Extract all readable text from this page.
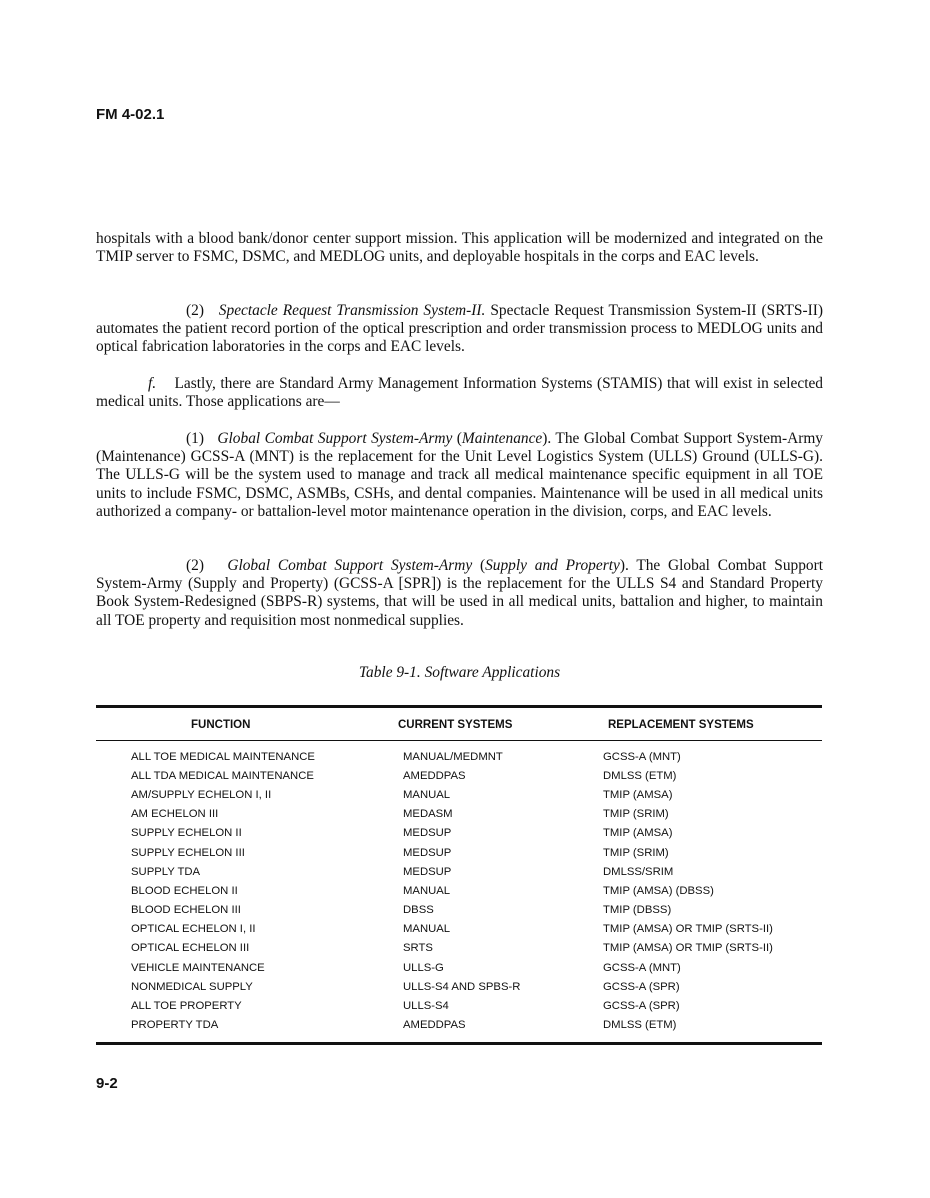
FM 4-02.1

hospitals with a blood bank/donor center support mission. This application will be modernized and integrated on the TMIP server to FSMC, DSMC, and MEDLOG units, and deployable hospitals in the corps and EAC levels.

(2) Spectacle Request Transmission System-II. Spectacle Request Transmission System-II (SRTS-II) automates the patient record portion of the optical prescription and order transmission process to MEDLOG units and optical fabrication laboratories in the corps and EAC levels.

f.    Lastly, there are Standard Army Management Information Systems (STAMIS) that will exist in selected medical units. Those applications are—

(1) Global Combat Support System-Army (Maintenance). The Global Combat Support System-Army (Maintenance) GCSS-A (MNT) is the replacement for the Unit Level Logistics System (ULLS) Ground (ULLS-G). The ULLS-G will be the system used to manage and track all medical maintenance specific equipment in all TOE units to include FSMC, DSMC, ASMBs, CSHs, and dental companies. Maintenance will be used in all medical units authorized a company- or battalion-level motor maintenance operation in the division, corps, and EAC levels.

(2) Global Combat Support System-Army (Supply and Property). The Global Combat Support System-Army (Supply and Property) (GCSS-A [SPR]) is the replacement for the ULLS S4 and Standard Property Book System-Redesigned (SBPS-R) systems, that will be used in all medical units, battalion and higher, to maintain all TOE property and requisition most nonmedical supplies.

Table 9-1. Software Applications
FUNCTION	CURRENT SYSTEMS	REPLACEMENT SYSTEMS
ALL TOE MEDICAL MAINTENANCE	MANUAL/MEDMNT	GCSS-A (MNT)
ALL TDA MEDICAL MAINTENANCE	AMEDDPAS	DMLSS (ETM)
AM/SUPPLY ECHELON I, II	MANUAL	TMIP (AMSA)
AM ECHELON III	MEDASM	TMIP (SRIM)
SUPPLY ECHELON II	MEDSUP	TMIP (AMSA)
SUPPLY ECHELON III	MEDSUP	TMIP (SRIM)
SUPPLY TDA	MEDSUP	DMLSS/SRIM
BLOOD ECHELON II	MANUAL	TMIP (AMSA) (DBSS)
BLOOD ECHELON III	DBSS	TMIP (DBSS)
OPTICAL ECHELON I, II	MANUAL	TMIP (AMSA) OR TMIP (SRTS-II)
OPTICAL ECHELON III	SRTS	TMIP (AMSA) OR TMIP (SRTS-II)
VEHICLE MAINTENANCE	ULLS-G	GCSS-A (MNT)
NONMEDICAL SUPPLY	ULLS-S4 AND SPBS-R	GCSS-A (SPR)
ALL TOE PROPERTY	ULLS-S4	GCSS-A (SPR)
PROPERTY TDA	AMEDDPAS	DMLSS (ETM)
9-2
